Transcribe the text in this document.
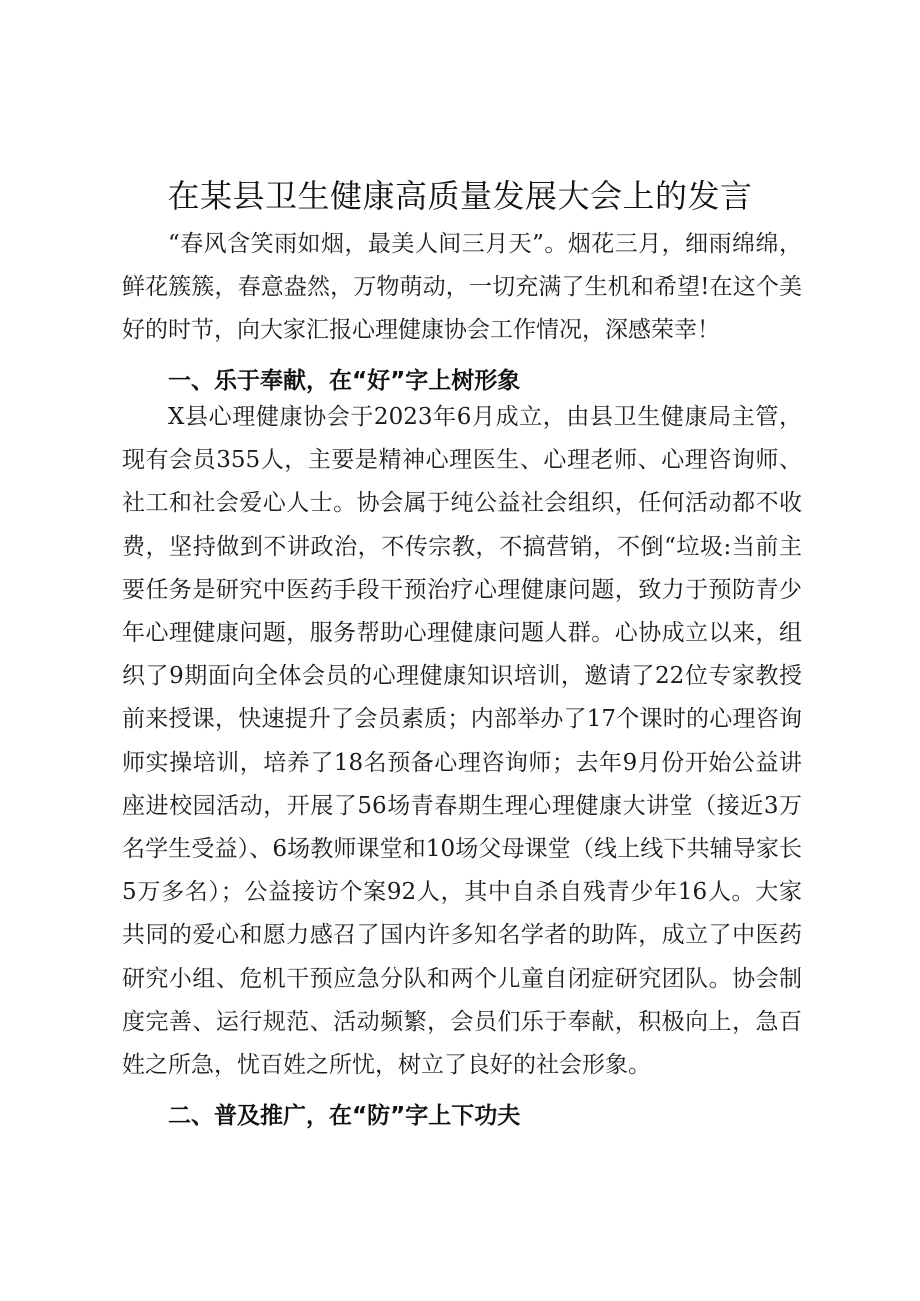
在某县卫生健康高质量发展大会上的发言

“春风含笑雨如烟，最美人间三月天”。烟花三月，细雨绵绵，鲜花簇簇，春意盎然，万物萌动，一切充满了生机和希望!在这个美好的时节，向大家汇报心理健康协会工作情况，深感荣幸！

一、乐于奉献，在“好”字上树形象

X县心理健康协会于2023年6月成立，由县卫生健康局主管，现有会员355人，主要是精神心理医生、心理老师、心理咨询师、社工和社会爱心人士。协会属于纯公益社会组织，任何活动都不收费，坚持做到不讲政治，不传宗教，不搞营销，不倒“垃圾:当前主要任务是研究中医药手段干预治疗心理健康问题，致力于预防青少年心理健康问题，服务帮助心理健康问题人群。心协成立以来，组织了9期面向全体会员的心理健康知识培训，邀请了22位专家教授前来授课，快速提升了会员素质；内部举办了17个课时的心理咨询师实操培训，培养了18名预备心理咨询师；去年9月份开始公益讲座进校园活动，开展了56场青春期生理心理健康大讲堂（接近3万名学生受益）、6场教师课堂和10场父母课堂（线上线下共辅导家长5万多名）；公益接访个案92人，其中自杀自残青少年16人。大家共同的爱心和愿力感召了国内许多知名学者的助阵，成立了中医药研究小组、危机干预应急分队和两个儿童自闭症研究团队。协会制度完善、运行规范、活动频繁，会员们乐于奉献，积极向上，急百姓之所急，忧百姓之所忧，树立了良好的社会形象。

二、普及推广，在“防”字上下功夫
